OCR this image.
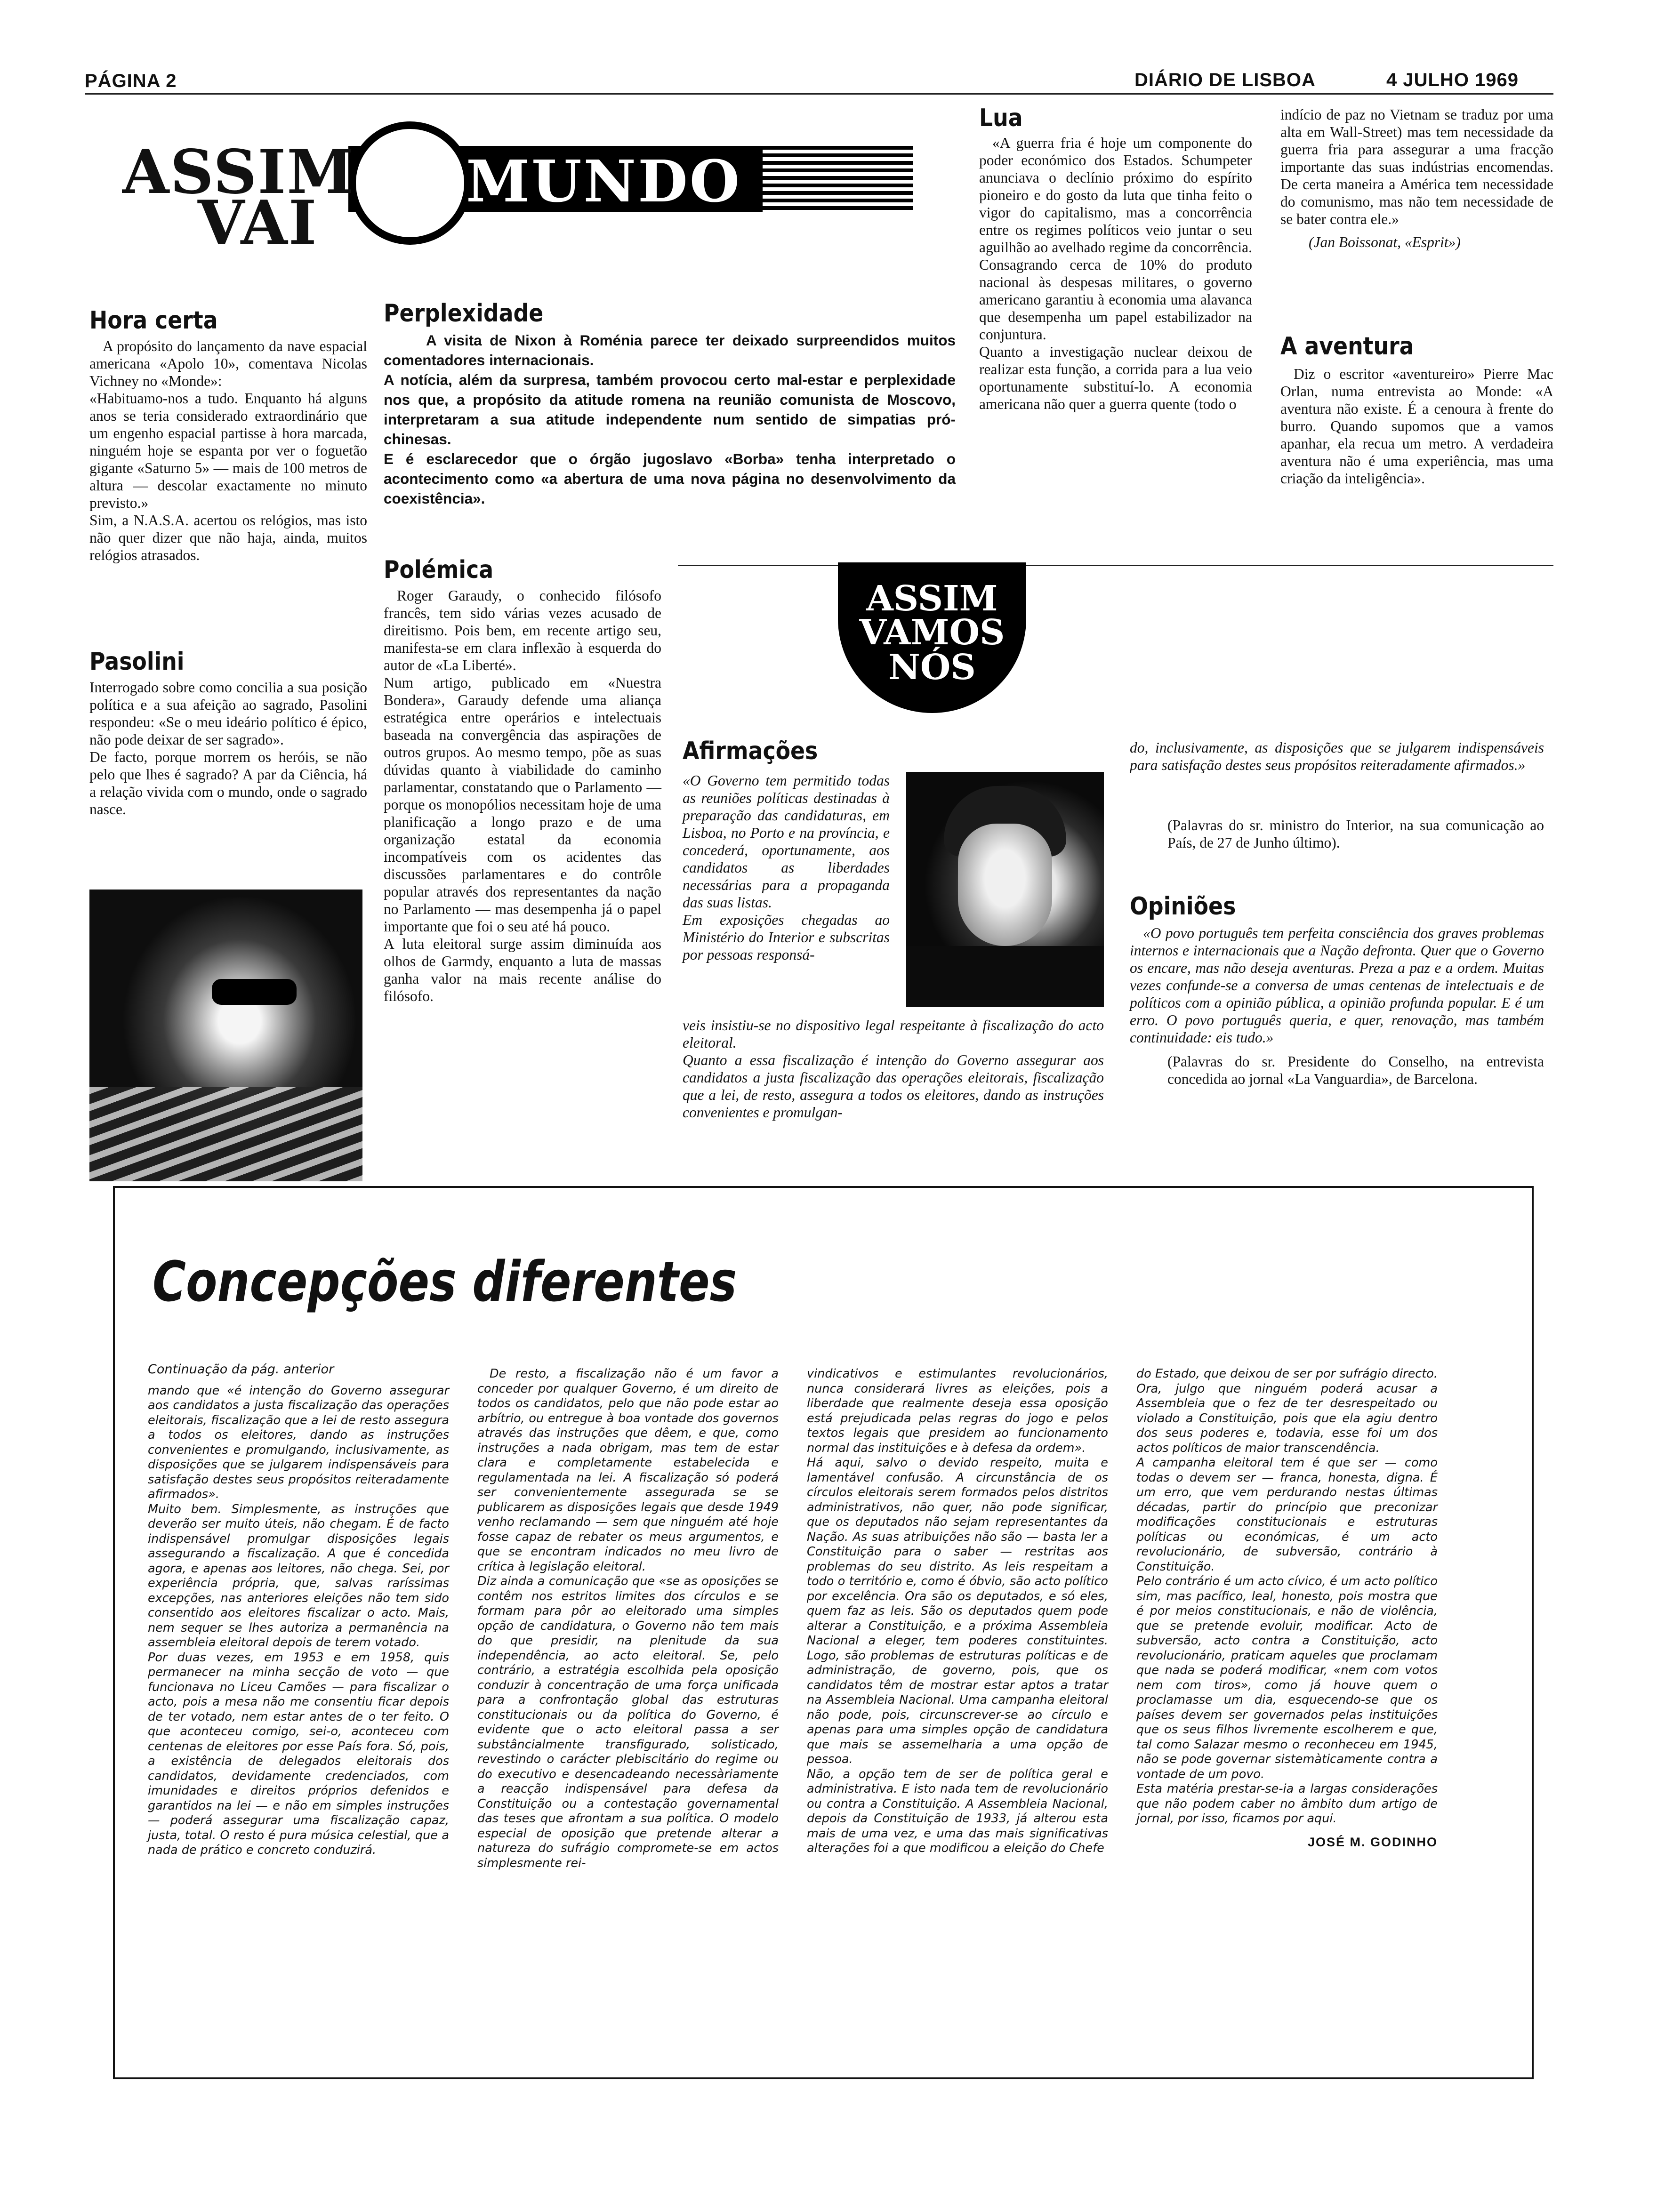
PÁGINA 2	DIÁRIO DE LISBOA	4 JULHO 1969
MUNDO
ASSIM
VAI
Hora certa

A propósito do lançamento da nave espacial americana «Apolo 10», comentava Nicolas Vichney no «Monde»:
«Habituamo-nos a tudo. Enquanto há alguns anos se teria considerado extraordinário que um engenho espacial partisse à hora marcada, ninguém hoje se espanta por ver o foguetão gigante «Saturno 5» — mais de 100 metros de altura — descolar exactamente no minuto previsto.»
Sim, a N.A.S.A. acertou os relógios, mas isto não quer dizer que não haja, ainda, muitos relógios atrasados.

Pasolini

Interrogado sobre como concilia a sua posição política e a sua afeição ao sagrado, Pasolini respondeu: «Se o meu ideário político é épico, não pode deixar de ser sagrado».
De facto, porque morrem os heróis, se não pelo que lhes é sagrado? A par da Ciência, há a relação vivida com o mundo, onde o sagrado nasce.

Perplexidade

A visita de Nixon à Roménia parece ter deixado surpreendidos muitos comentadores internacionais.
A notícia, além da surpresa, também provocou certo mal-estar e perplexidade nos que, a propósito da atitude romena na reunião comunista de Moscovo, interpretaram a sua atitude independente num sentido de simpatias pró-chinesas.
E é esclarecedor que o órgão jugoslavo «Borba» tenha interpretado o acontecimento como «a abertura de uma nova página no desenvolvimento da coexistência».

Polémica

Roger Garaudy, o conhecido filósofo francês, tem sido várias vezes acusado de direitismo. Pois bem, em recente artigo seu, manifesta-se em clara inflexão à esquerda do autor de «La Liberté».
Num artigo, publicado em «Nuestra Bondera», Garaudy defende uma aliança estratégica entre operários e intelectuais baseada na convergência das aspirações de outros grupos. Ao mesmo tempo, põe as suas dúvidas quanto à viabilidade do caminho parlamentar, constatando que o Parlamento — porque os monopólios necessitam hoje de uma planificação a longo prazo e de uma organização estatal da economia incompatíveis com os acidentes das discussões parlamentares e do contrôle popular através dos representantes da nação no Parlamento — mas desempenha já o papel importante que foi o seu até há pouco.
A luta eleitoral surge assim diminuída aos olhos de Garmdy, enquanto a luta de massas ganha valor na mais recente análise do filósofo.

Lua

«A guerra fria é hoje um componente do poder económico dos Estados. Schumpeter anunciava o declínio próximo do espírito pioneiro e do gosto da luta que tinha feito o vigor do capitalismo, mas a concorrência entre os regimes políticos veio juntar o seu aguilhão ao avelhado regime da concorrência. Consagrando cerca de 10% do produto nacional às despesas militares, o governo americano garantiu à economia uma alavanca que desempenha um papel estabilizador na conjuntura.
Quanto a investigação nuclear deixou de realizar esta função, a corrida para a lua veio oportunamente substituí-lo. A economia americana não quer a guerra quente (todo o

indício de paz no Vietnam se traduz por uma alta em Wall-Street) mas tem necessidade da guerra fria para assegurar a uma fracção importante das suas indústrias encomendas. De certa maneira a América tem necessidade do comunismo, mas não tem necessidade de se bater contra ele.»

(Jan Boissonat, «Esprit»)

A aventura

Diz o escritor «aventureiro» Pierre Mac Orlan, numa entrevista ao Monde: «A aventura não existe. É a cenoura à frente do burro. Quando supomos que a vamos apanhar, ela recua um metro. A verdadeira aventura não é uma experiência, mas uma criação da inteligência».

ASSIM
VAMOS
NÓS
Afirmações

«O Governo tem permitido todas as reuniões políticas destinadas à preparação das candidaturas, em Lisboa, no Porto e na província, e concederá, oportunamente, aos candidatos as liberdades necessárias para a propaganda das suas listas.
Em exposições chegadas ao Ministério do Interior e subscritas por pessoas responsá-

veis insistiu-se no dispositivo legal respeitante à fiscalização do acto eleitoral.
Quanto a essa fiscalização é intenção do Governo assegurar aos candidatos a justa fiscalização das operações eleitorais, fiscalização que a lei, de resto, assegura a todos os eleitores, dando as instruções convenientes e promulgan-

do, inclusivamente, as disposições que se julgarem indispensáveis para satisfação destes seus propósitos reiteradamente afirmados.»

(Palavras do sr. ministro do Interior, na sua comunicação ao País, de 27 de Junho último).

Opiniões

«O povo português tem perfeita consciência dos graves problemas internos e internacionais que a Nação defronta. Quer que o Governo os encare, mas não deseja aventuras. Preza a paz e a ordem. Muitas vezes confunde-se a conversa de umas centenas de intelectuais e de políticos com a opinião pública, a opinião profunda popular. E é um erro. O povo português queria, e quer, renovação, mas também continuidade: eis tudo.»

(Palavras do sr. Presidente do Conselho, na entrevista concedida ao jornal «La Vanguardia», de Barcelona.

Concepções diferentes

Continuação da pág. anterior

mando que «é intenção do Governo assegurar aos candidatos a justa fiscalização das operações eleitorais, fiscalização que a lei de resto assegura a todos os eleitores, dando as instruções convenientes e promulgando, inclusivamente, as disposições que se julgarem indispensáveis para satisfação destes seus propósitos reiteradamente afirmados».
Muito bem. Simplesmente, as instruções que deverão ser muito úteis, não chegam. É de facto indispensável promulgar disposições legais assegurando a fiscalização. A que é concedida agora, e apenas aos leitores, não chega. Sei, por experiência própria, que, salvas raríssimas excepções, nas anteriores eleições não tem sido consentido aos eleitores fiscalizar o acto. Mais, nem sequer se lhes autoriza a permanência na assembleia eleitoral depois de terem votado.
Por duas vezes, em 1953 e em 1958, quis permanecer na minha secção de voto — que funcionava no Liceu Camões — para fiscalizar o acto, pois a mesa não me consentiu ficar depois de ter votado, nem estar antes de o ter feito. O que aconteceu comigo, sei-o, aconteceu com centenas de eleitores por esse País fora. Só, pois, a existência de delegados eleitorais dos candidatos, devidamente credenciados, com imunidades e direitos próprios defenidos e garantidos na lei — e não em simples instruções — poderá assegurar uma fiscalização capaz, justa, total. O resto é pura música celestial, que a nada de prático e concreto conduzirá.

De resto, a fiscalização não é um favor a conceder por qualquer Governo, é um direito de todos os candidatos, pelo que não pode estar ao arbítrio, ou entregue à boa vontade dos governos através das instruções que dêem, e que, como instruções a nada obrigam, mas tem de estar clara e completamente estabelecida e regulamentada na lei. A fiscalização só poderá ser convenientemente assegurada se se publicarem as disposições legais que desde 1949 venho reclamando — sem que ninguém até hoje fosse capaz de rebater os meus argumentos, e que se encontram indicados no meu livro de crítica à legislação eleitoral.
Diz ainda a comunicação que «se as oposições se contêm nos estritos limites dos círculos e se formam para pôr ao eleitorado uma simples opção de candidatura, o Governo não tem mais do que presidir, na plenitude da sua independência, ao acto eleitoral. Se, pelo contrário, a estratégia escolhida pela oposição conduzir à concentração de uma força unificada para a confrontação global das estruturas constitucionais ou da política do Governo, é evidente que o acto eleitoral passa a ser substâncialmente transfigurado, solisticado, revestindo o carácter plebiscitário do regime ou do executivo e desencadeando necessàriamente a reacção indispensável para defesa da Constituição ou a contestação governamental das teses que afrontam a sua política. O modelo especial de oposição que pretende alterar a natureza do sufrágio compromete-se em actos simplesmente rei-

vindicativos e estimulantes revolucionários, nunca considerará livres as eleições, pois a liberdade que realmente deseja essa oposição está prejudicada pelas regras do jogo e pelos textos legais que presidem ao funcionamento normal das instituições e à defesa da ordem».
Há aqui, salvo o devido respeito, muita e lamentável confusão. A circunstância de os círculos eleitorais serem formados pelos distritos administrativos, não quer, não pode significar, que os deputados não sejam representantes da Nação. As suas atribuições não são — basta ler a Constituição para o saber — restritas aos problemas do seu distrito. As leis respeitam a todo o território e, como é óbvio, são acto político por excelência. Ora são os deputados, e só eles, quem faz as leis. São os deputados quem pode alterar a Constituição, e a próxima Assembleia Nacional a eleger, tem poderes constituintes. Logo, são problemas de estruturas políticas e de administração, de governo, pois, que os candidatos têm de mostrar estar aptos a tratar na Assembleia Nacional. Uma campanha eleitoral não pode, pois, circunscrever-se ao círculo e apenas para uma simples opção de candidatura que mais se assemelharia a uma opção de pessoa.
Não, a opção tem de ser de política geral e administrativa. E isto nada tem de revolucionário ou contra a Constituição. A Assembleia Nacional, depois da Constituição de 1933, já alterou esta mais de uma vez, e uma das mais significativas alterações foi a que modificou a eleição do Chefe

do Estado, que deixou de ser por sufrágio directo. Ora, julgo que ninguém poderá acusar a Assembleia que o fez de ter desrespeitado ou violado a Constituição, pois que ela agiu dentro dos seus poderes e, todavia, esse foi um dos actos políticos de maior transcendência.
A campanha eleitoral tem é que ser — como todas o devem ser — franca, honesta, digna. É um erro, que vem perdurando nestas últimas décadas, partir do princípio que preconizar modificações constitucionais e estruturas políticas ou económicas, é um acto revolucionário, de subversão, contrário à Constituição.
Pelo contrário é um acto cívico, é um acto político sim, mas pacífico, leal, honesto, pois mostra que é por meios constitucionais, e não de violência, que se pretende evoluir, modificar. Acto de subversão, acto contra a Constituição, acto revolucionário, praticam aqueles que proclamam que nada se poderá modificar, «nem com votos nem com tiros», como já houve quem o proclamasse um dia, esquecendo-se que os países devem ser governados pelas instituições que os seus filhos livremente escolherem e que, tal como Salazar mesmo o reconheceu em 1945, não se pode governar sistemàticamente contra a vontade de um povo.
Esta matéria prestar-se-ia a largas considerações que não podem caber no âmbito dum artigo de jornal, por isso, ficamos por aqui.

JOSÉ M. GODINHO
